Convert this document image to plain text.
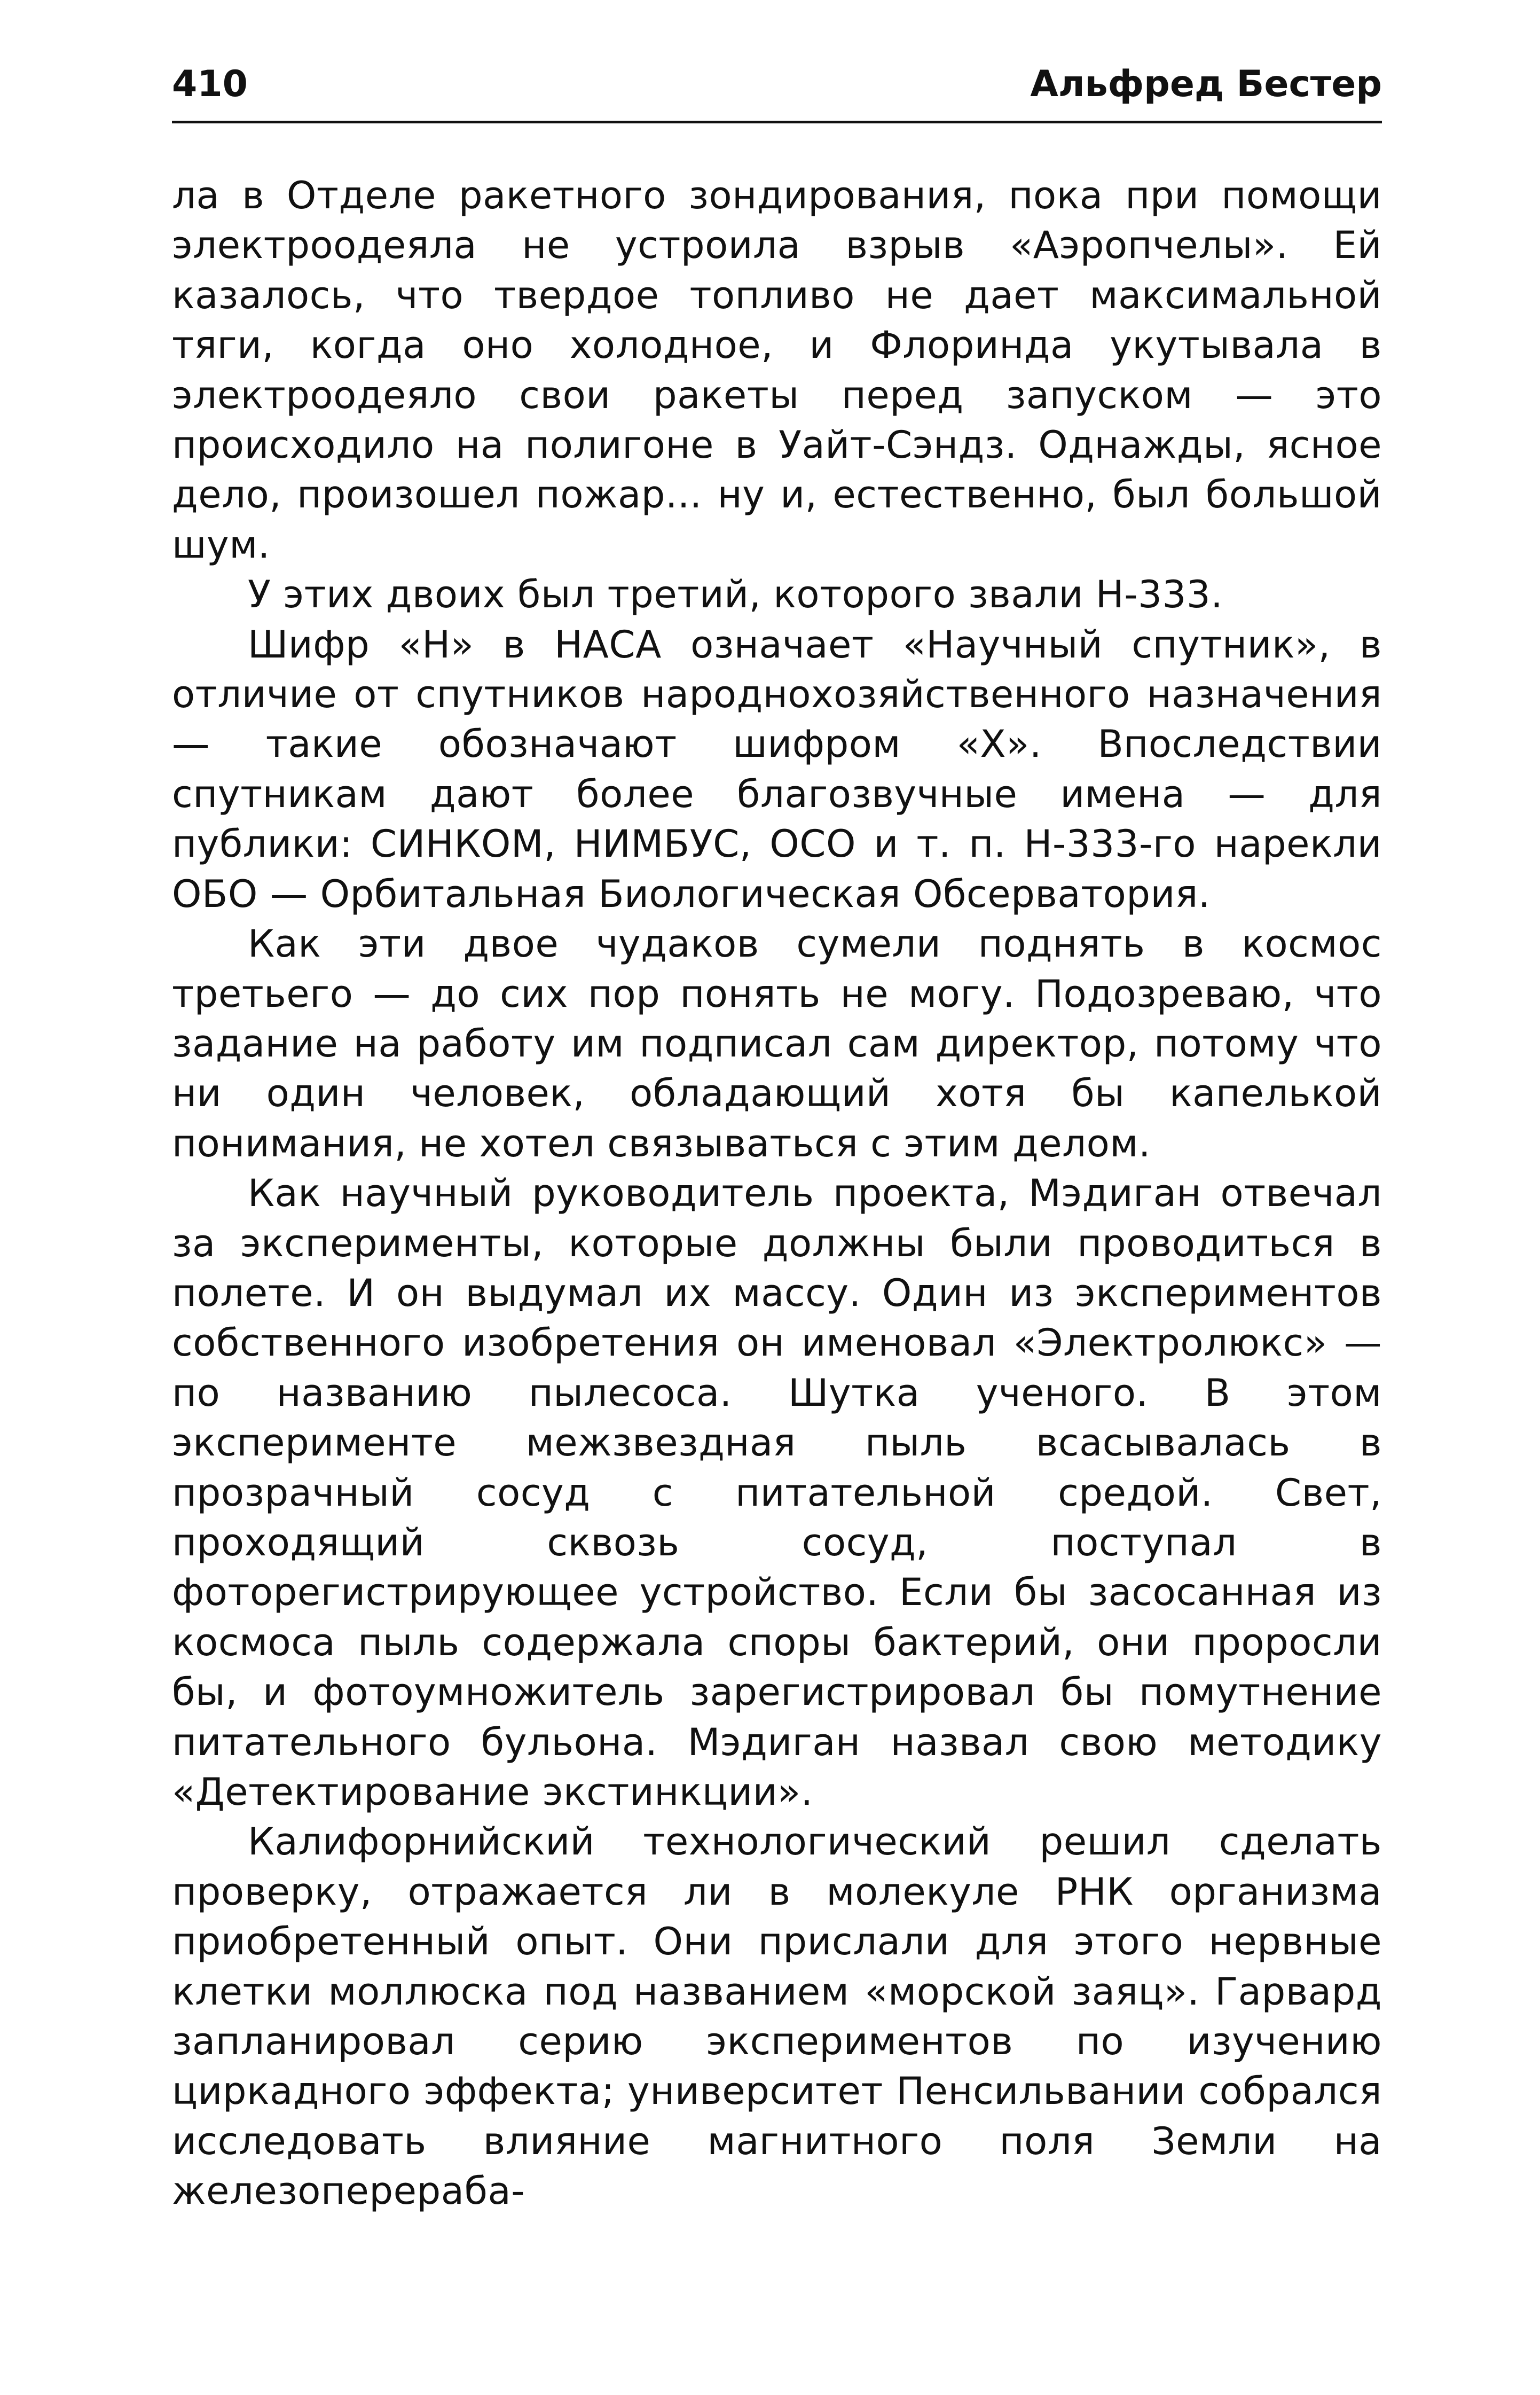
410	Альфред Бестер

ла в Отделе ракетного зондирования, пока при помощи электроодеяла не устроила взрыв «Аэропчелы». Ей казалось, что твердое топливо не дает максимальной тяги, когда оно холодное, и Флоринда укутывала в электроодеяло свои ракеты перед запуском — это происходило на полигоне в Уайт-Сэндз. Однажды, ясное дело, произошел пожар... ну и, естественно, был большой шум.

У этих двоих был третий, которого звали Н-333.

Шифр «Н» в НАСА означает «Научный спутник», в отличие от спутников народнохозяйственного назначения — такие обозначают шифром «X». Впоследствии спутникам дают более благозвучные имена — для публики: СИНКОМ, НИМБУС, ОСО и т. п. Н-333-го нарекли ОБО — Орбитальная Биологическая Обсерватория.

Как эти двое чудаков сумели поднять в космос третьего — до сих пор понять не могу. Подозреваю, что задание на работу им подписал сам директор, потому что ни один человек, обладающий хотя бы капелькой понимания, не хотел связываться с этим делом.

Как научный руководитель проекта, Мэдиган отвечал за эксперименты, которые должны были проводиться в полете. И он выдумал их массу. Один из экспериментов собственного изобретения он именовал «Электролюкс» — по названию пылесоса. Шутка ученого. В этом эксперименте межзвездная пыль всасывалась в прозрачный сосуд с питательной средой. Свет, проходящий сквозь сосуд, поступал в фоторегистрирующее устройство. Если бы засосанная из космоса пыль содержала споры бактерий, они проросли бы, и фотоумножитель зарегистрировал бы помутнение питательного бульона. Мэдиган назвал свою методику «Детектирование экстинкции».

Калифорнийский технологический решил сделать проверку, отражается ли в молекуле РНК организма приобретенный опыт. Они прислали для этого нервные клетки моллюска под названием «морской заяц». Гарвард запланировал серию экспериментов по изучению циркадного эффекта; университет Пенсильвании собрался исследовать влияние магнитного поля Земли на железоперераба-
